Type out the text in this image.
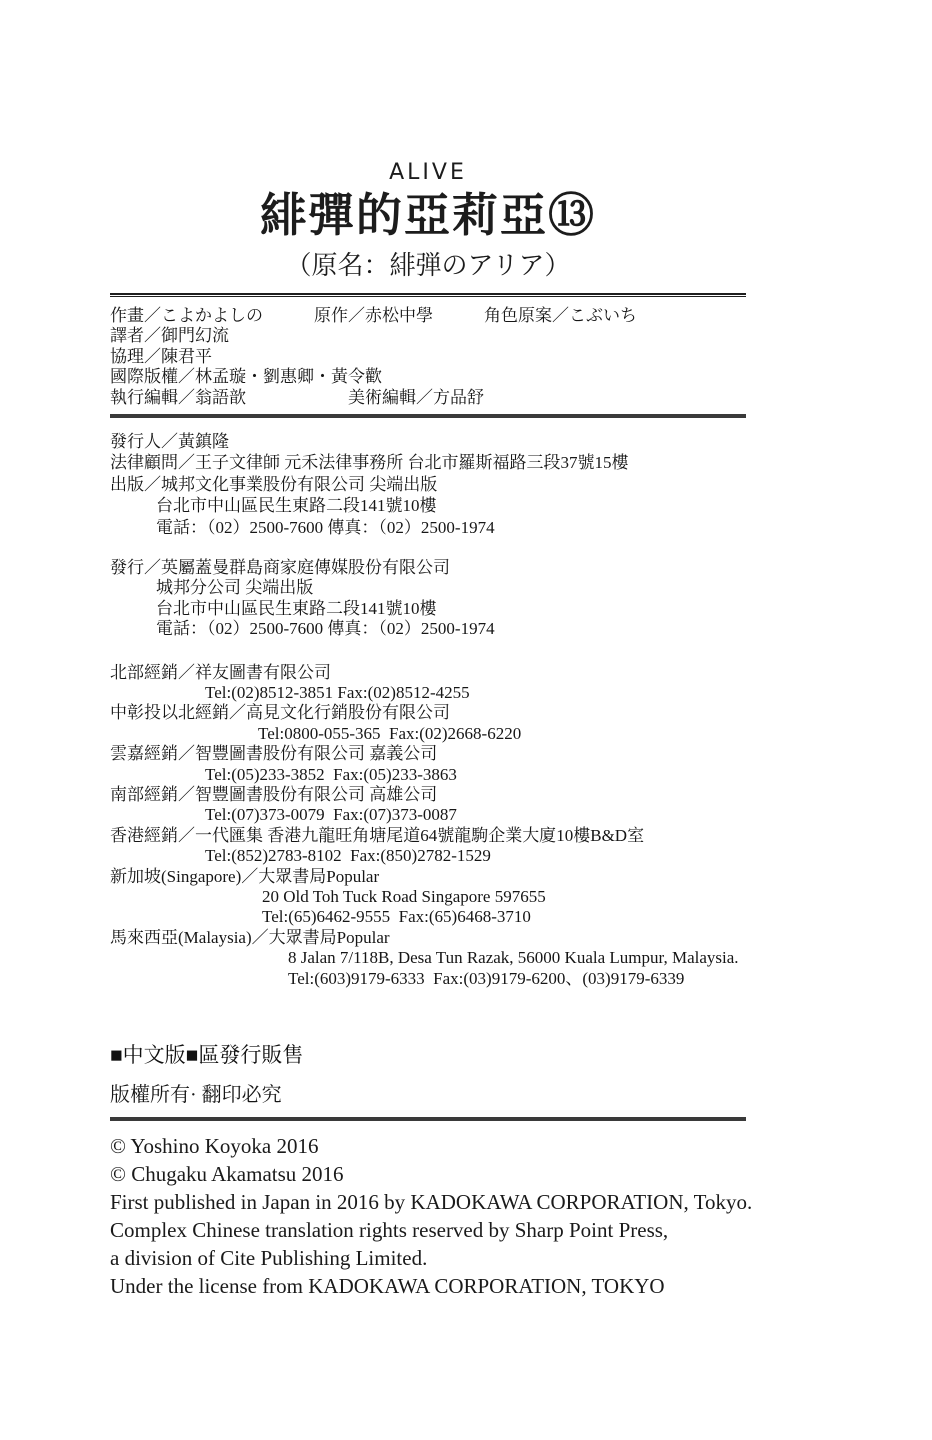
ALIVE
緋彈的亞莉亞⑬
（原名：緋弾のアリア）
作畫／こよかよしの　　　原作／赤松中學　　　角色原案／こぶいち
譯者／御門幻流
協理／陳君平
國際版權／林孟璇・劉惠卿・黃令歡
執行編輯／翁語歆　　　　　　美術編輯／方品舒
發行人／黃鎮隆
法律顧問／王子文律師 元禾法律事務所 台北市羅斯福路三段37號15樓
出版／城邦文化事業股份有限公司 尖端出版
台北市中山區民生東路二段141號10樓
電話：（02）2500-7600 傳真：（02）2500-1974
發行／英屬蓋曼群島商家庭傳媒股份有限公司
城邦分公司 尖端出版
台北市中山區民生東路二段141號10樓
電話：（02）2500-7600 傳真：（02）2500-1974
北部經銷／祥友圖書有限公司
Tel:(02)8512-3851 Fax:(02)8512-4255
中彰投以北經銷／高見文化行銷股份有限公司
Tel:0800-055-365  Fax:(02)2668-6220
雲嘉經銷／智豐圖書股份有限公司 嘉義公司
Tel:(05)233-3852  Fax:(05)233-3863
南部經銷／智豐圖書股份有限公司 高雄公司
Tel:(07)373-0079  Fax:(07)373-0087
香港經銷／一代匯集 香港九龍旺角塘尾道64號龍駒企業大廈10樓B&D室
Tel:(852)2783-8102  Fax:(850)2782-1529
新加坡(Singapore)／大眾書局Popular
20 Old Toh Tuck Road Singapore 597655
Tel:(65)6462-9555  Fax:(65)6468-3710
馬來西亞(Malaysia)／大眾書局Popular
8 Jalan 7/118B, Desa Tun Razak, 56000 Kuala Lumpur, Malaysia.
Tel:(603)9179-6333  Fax:(03)9179-6200、(03)9179-6339
■中文版■區發行販售
版權所有· 翻印必究
© Yoshino Koyoka 2016
© Chugaku Akamatsu 2016
First published in Japan in 2016 by KADOKAWA CORPORATION, Tokyo.
Complex Chinese translation rights reserved by Sharp Point Press,
a division of Cite Publishing Limited.
Under the license from KADOKAWA CORPORATION, TOKYO
